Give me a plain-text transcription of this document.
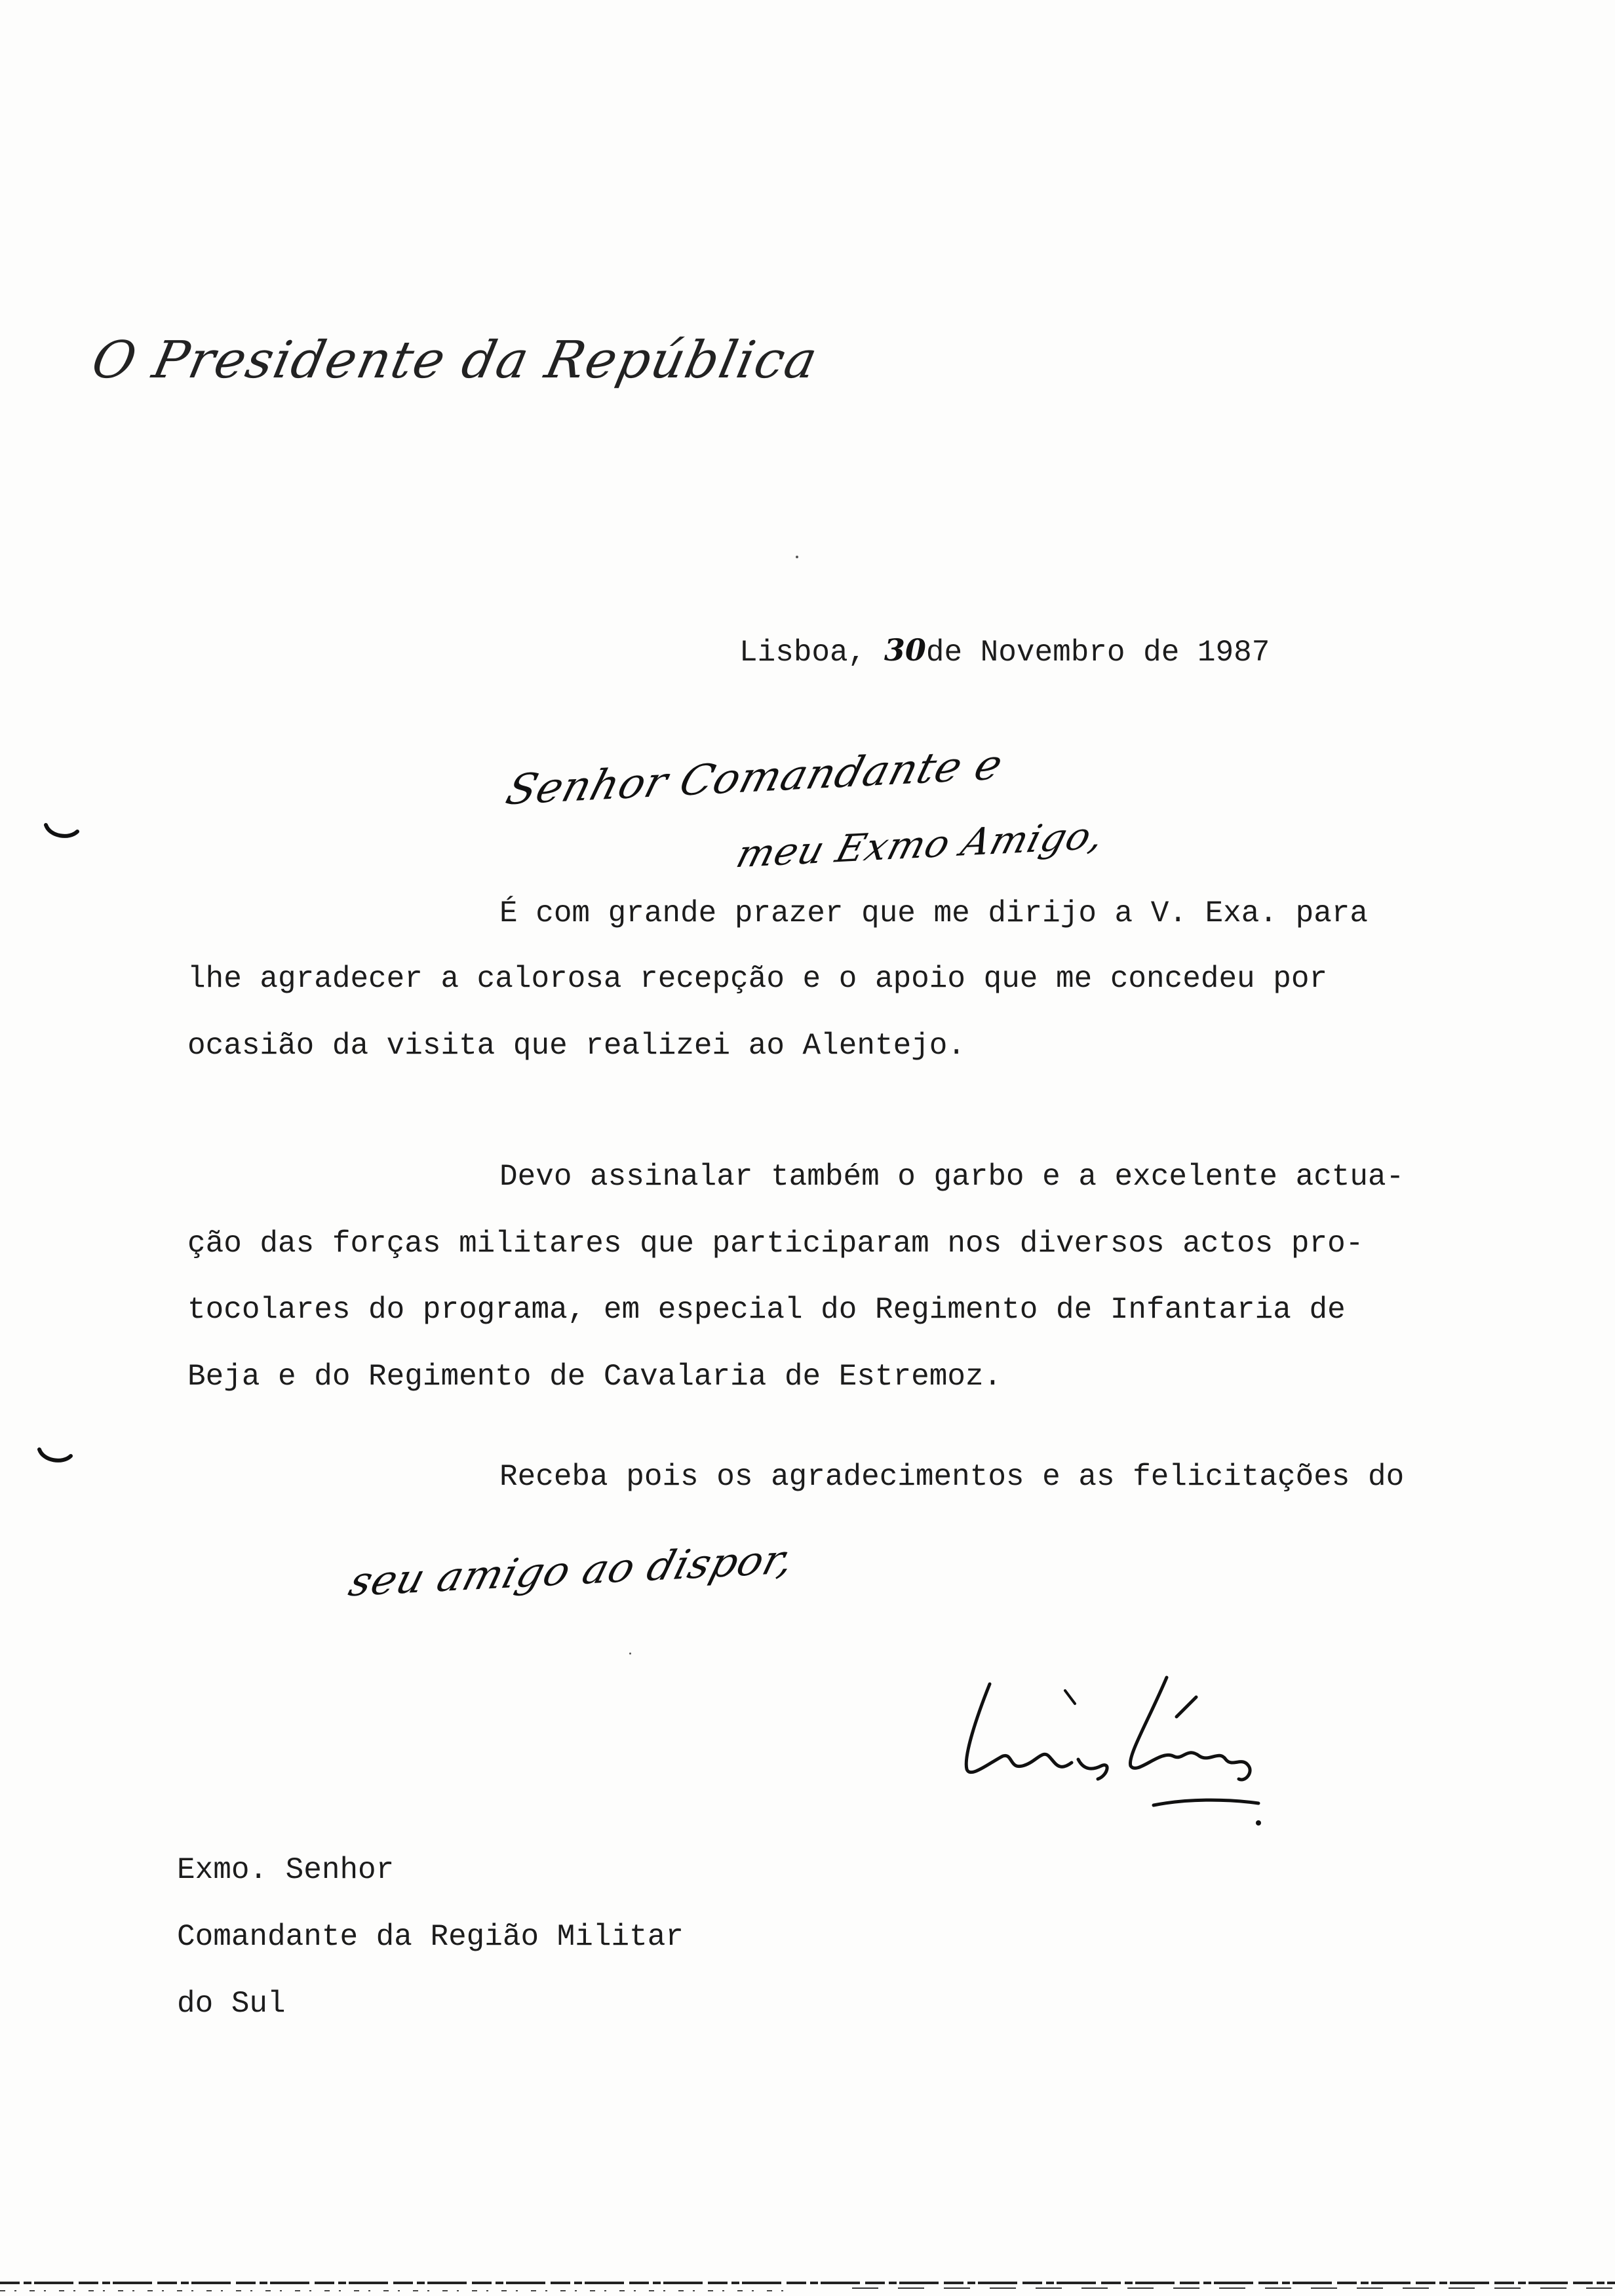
O Presidente da República
Lisboa, 30de Novembro de 1987
Senhor Comandante e
meu Exmo Amigo,
É com grande prazer que me dirijo a V. Exa. para
lhe agradecer a calorosa recepção e o apoio que me concedeu por
ocasião da visita que realizei ao Alentejo.
Devo assinalar também o garbo e a excelente actua-
ção das forças militares que participaram nos diversos actos pro-
tocolares do programa, em especial do Regimento de Infantaria de
Beja e do Regimento de Cavalaria de Estremoz.
Receba pois os agradecimentos e as felicitações do
seu amigo ao dispor,
Exmo. Senhor
Comandante da Região Militar
do Sul
